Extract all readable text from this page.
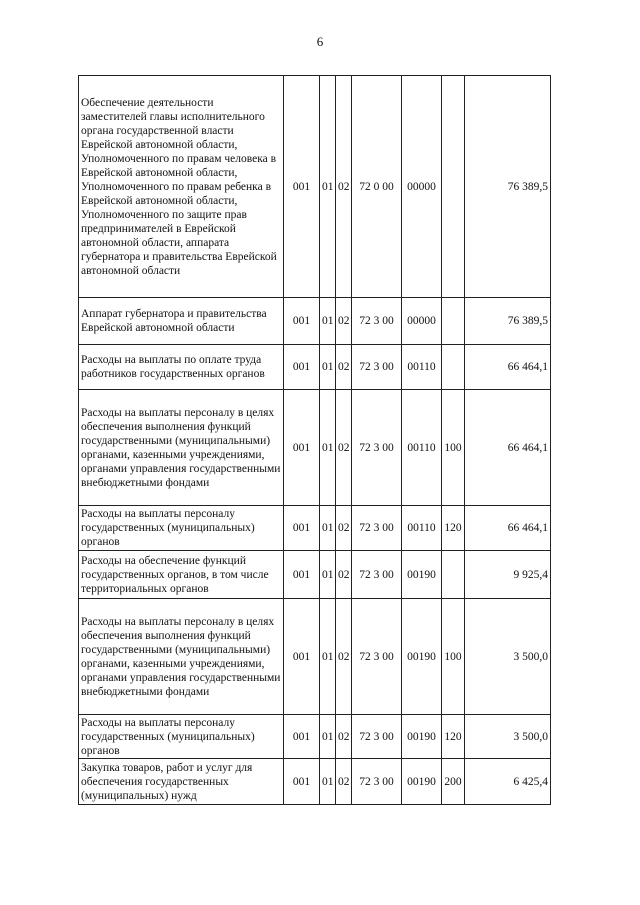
6
Обеспечение деятельности заместителей главы исполнительного органа государственной власти Еврейской автономной области, Уполномоченного по правам человека в Еврейской автономной области, Уполномоченного по правам ребенка в Еврейской автономной области, Уполномоченного по защите прав предпринимателей в Еврейской автономной области, аппарата губернатора и правительства Еврейской автономной области	001	01	02	72 0 00	00000		76 389,5
Аппарат губернатора и правительства Еврейской автономной области	001	01	02	72 3 00	00000		76 389,5
Расходы на выплаты по оплате труда работников государственных органов	001	01	02	72 3 00	00110		66 464,1
Расходы на выплаты персоналу в целях обеспечения выполнения функций государственными (муниципальными) органами, казенными учреждениями, органами управления государственными внебюджетными фондами	001	01	02	72 3 00	00110	100	66 464,1
Расходы на выплаты персоналу государственных (муниципальных) органов	001	01	02	72 3 00	00110	120	66 464,1
Расходы на обеспечение функций государственных органов, в том числе территориальных органов	001	01	02	72 3 00	00190		9 925,4
Расходы на выплаты персоналу в целях обеспечения выполнения функций государственными (муниципальными) органами, казенными учреждениями, органами управления государственными внебюджетными фондами	001	01	02	72 3 00	00190	100	3 500,0
Расходы на выплаты персоналу государственных (муниципальных) органов	001	01	02	72 3 00	00190	120	3 500,0
Закупка товаров, работ и услуг для обеспечения государственных (муниципальных) нужд	001	01	02	72 3 00	00190	200	6 425,4
